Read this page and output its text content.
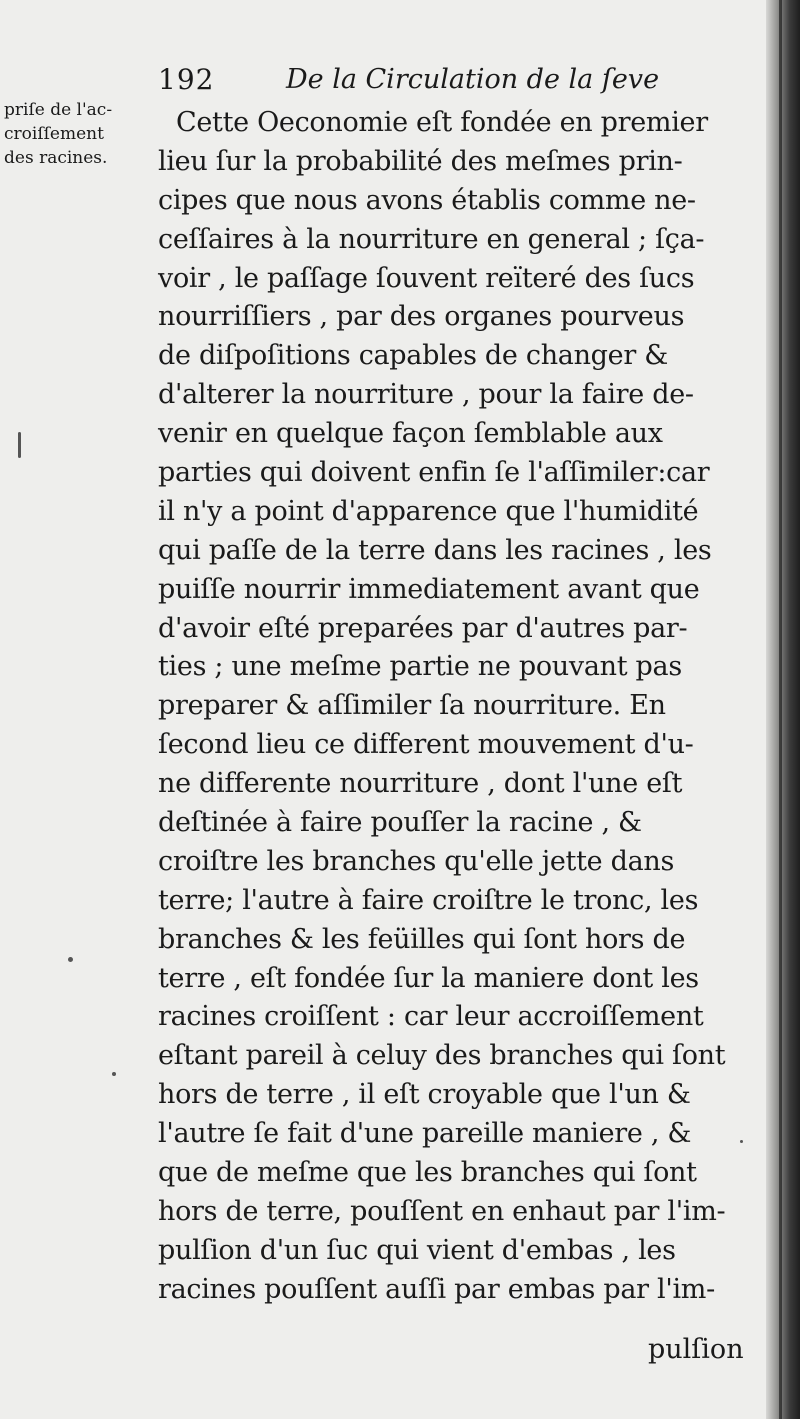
192	De la Circulation de la ſeve
priſe de l'ac-
croiſſement
des racines.
Cette Oeconomie eſt fondée en premier
lieu ſur la probabilité des meſmes prin-
cipes que nous avons établis comme ne-
ceſſaires à la nourriture en general ; ſça-
voir , le paſſage ſouvent reïteré des ſucs
nourriſſiers , par des organes pourveus
de diſpoſitions capables de changer &
d'alterer la nourriture , pour la faire de-
venir en quelque façon ſemblable aux
parties qui doivent enfin ſe l'aſſimiler:car
il n'y a point d'apparence que l'humidité
qui paſſe de la terre dans les racines , les
puiſſe nourrir immediatement avant que
d'avoir eſté preparées par d'autres par-
ties ; une meſme partie ne pouvant pas
preparer & aſſimiler ſa nourriture. En
ſecond lieu ce different mouvement d'u-
ne differente nourriture , dont l'une eſt
deſtinée à faire pouſſer la racine , &
croiſtre les branches qu'elle jette dans
terre; l'autre à faire croiſtre le tronc, les
branches & les feüilles qui ſont hors de
terre , eſt fondée ſur la maniere dont les
racines croiſſent : car leur accroiſſement
eſtant pareil à celuy des branches qui ſont
hors de terre , il eſt croyable que l'un &
l'autre ſe fait d'une pareille maniere , &
que de meſme que les branches qui ſont
hors de terre, pouſſent en enhaut par l'im-
pulſion d'un ſuc qui vient d'embas , les
racines pouſſent auſſi par embas par l'im-
pulſion
